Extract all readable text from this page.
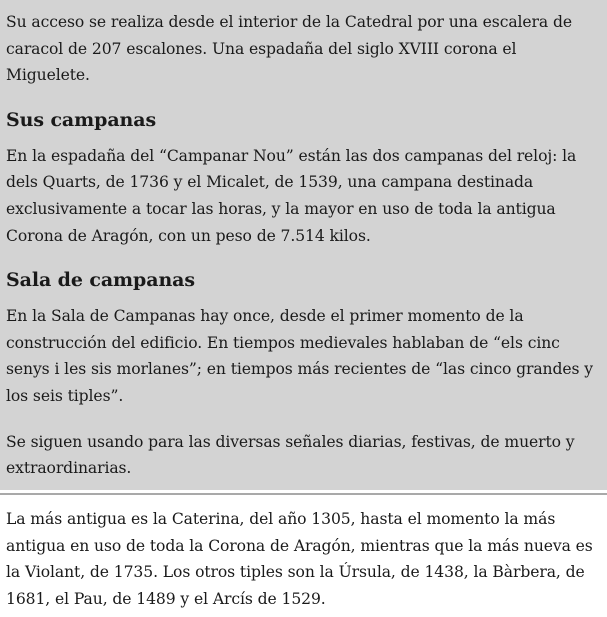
Su acceso se realiza desde el interior de la Catedral por una escalera de caracol de 207 escalones. Una espadaña del siglo XVIII corona el Miguelete.

Sus campanas

En la espadaña del “Campanar Nou” están las dos campanas del reloj: la dels Quarts, de 1736 y el Micalet, de 1539, una campana destinada exclusivamente a tocar las horas, y la mayor en uso de toda la antigua Corona de Aragón, con un peso de 7.514 kilos.

Sala de campanas

En la Sala de Campanas hay once, desde el primer momento de la construcción del edificio. En tiempos medievales hablaban de “els cinc senys i les sis morlanes”; en tiempos más recientes de “las cinco grandes y los seis tiples”.

Se siguen usando para las diversas señales diarias, festivas, de muerto y extraordinarias.

La más antigua es la Caterina, del año 1305, hasta el momento la más antigua en uso de toda la Corona de Aragón, mientras que la más nueva es la Violant, de 1735. Los otros tiples son la Úrsula, de 1438, la Bàrbera, de 1681, el Pau, de 1489 y el Arcís de 1529.
